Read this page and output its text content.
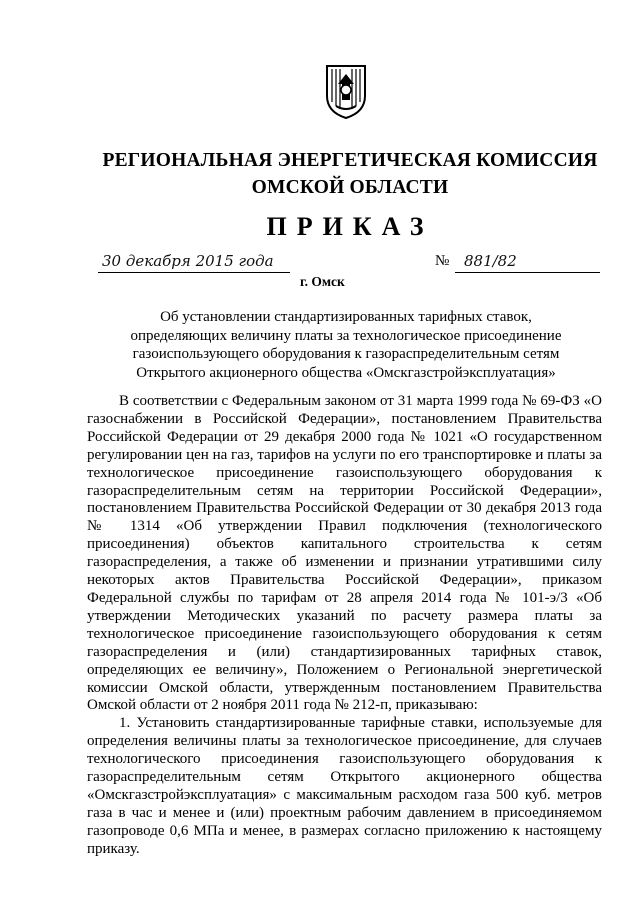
РЕГИОНАЛЬНАЯ ЭНЕРГЕТИЧЕСКАЯ КОМИССИЯ
ОМСКОЙ ОБЛАСТИ
ПРИКАЗ
30 декабря 2015 года
г. Омск
№ 881/82
Об установлении стандартизированных тарифных ставок,
определяющих величину платы за технологическое присоединение
газоиспользующего оборудования к газораспределительным сетям
Открытого акционерного общества «Омскгазстройэксплуатация»

В соответствии с Федеральным законом от 31 марта 1999 года № 69-ФЗ «О газоснабжении в Российской Федерации», постановлением Правительства Российской Федерации от 29 декабря 2000 года № 1021 «О государственном регулировании цен на газ, тарифов на услуги по его транспортировке и платы за технологическое присоединение газоиспользующего оборудования к газораспределительным сетям на территории Российской Федерации», постановлением Правительства Российской Федерации от 30 декабря 2013 года № 1314 «Об утверждении Правил подключения (технологического присоединения) объектов капитального строительства к сетям газораспределения, а также об изменении и признании утратившими силу некоторых актов Правительства Российской Федерации», приказом Федеральной службы по тарифам от 28 апреля 2014 года № 101-э/3 «Об утверждении Методических указаний по расчету размера платы за технологическое присоединение газоиспользующего оборудования к сетям газораспределения и (или) стандартизированных тарифных ставок, определяющих ее величину», Положением о Региональной энергетической комиссии Омской области, утвержденным постановлением Правительства Омской области от 2 ноября 2011 года № 212-п, приказываю:

1. Установить стандартизированные тарифные ставки, используемые для определения величины платы за технологическое присоединение, для случаев технологического присоединения газоиспользующего оборудования к газораспределительным сетям Открытого акционерного общества «Омскгазстройэксплуатация» с максимальным расходом газа 500 куб. метров газа в час и менее и (или) проектным рабочим давлением в присоединяемом газопроводе 0,6 МПа и менее, в размерах согласно приложению к настоящему приказу.
